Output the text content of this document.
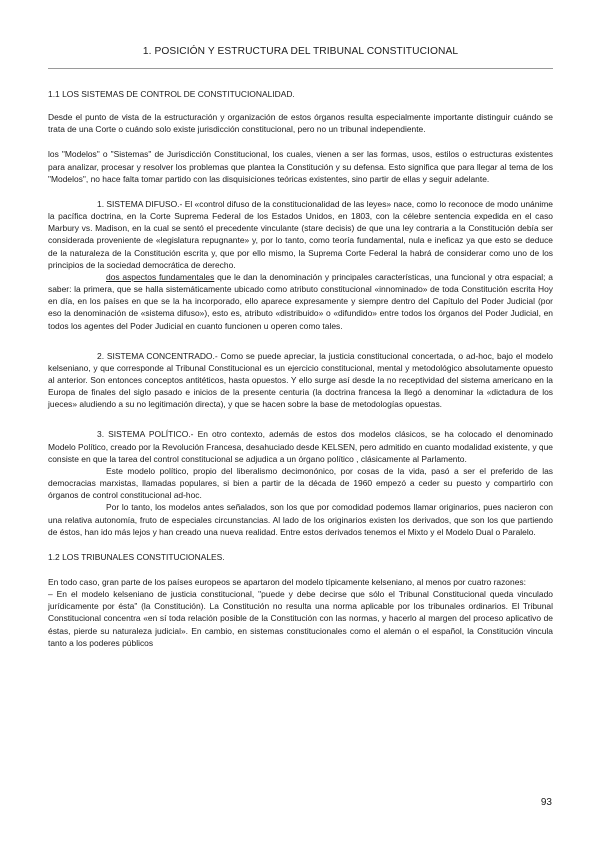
1. POSICIÓN Y ESTRUCTURA DEL TRIBUNAL CONSTITUCIONAL

1.1 LOS SISTEMAS DE CONTROL DE CONSTITUCIONALIDAD.

Desde el punto de vista de la estructuración y organización de estos órganos resulta especialmente importante distinguir cuándo se trata de una Corte o cuándo solo existe jurisdicción constitucional, pero no un tribunal independiente.

los "Modelos" o "Sistemas" de Jurisdicción Constitucional, los cuales, vienen a ser las formas, usos, estilos o estructuras existentes para analizar, procesar y resolver los problemas que plantea la Constitución y su defensa. Esto significa que para llegar al tema de los "Modelos", no hace falta tomar partido con las disquisiciones teóricas existentes, sino partir de ellas y seguir adelante.

1. SISTEMA DIFUSO.- El «control difuso de la constitucionalidad de las leyes» nace, como lo reconoce de modo unánime la pacífica doctrina, en la Corte Suprema Federal de los Estados Unidos, en 1803, con la célebre sentencia expedida en el caso Marbury vs. Madison, en la cual se sentó el precedente vinculante (stare decisis) de que una ley contraria a la Constitución debía ser considerada proveniente de «legislatura repugnante» y, por lo tanto, como teoría fundamental, nula e ineficaz ya que esto se deduce de la naturaleza de la Constitución escrita y, que por ello mismo, la Suprema Corte Federal la habrá de considerar como uno de los principios de la sociedad democrática de derecho.

dos aspectos fundamentales que le dan la denominación y principales características, una funcional y otra espacial; a saber: la primera, que se halla sistemáticamente ubicado como atributo constitucional «innominado» de toda Constitución escrita Hoy en día, en los países en que se la ha incorporado, ello aparece expresamente y siempre dentro del Capítulo del Poder Judicial (por eso la denominación de «sistema difuso»), esto es, atributo «distribuido» o «difundido» entre todos los órganos del Poder Judicial, en todos los agentes del Poder Judicial en cuanto funcionen u operen como tales.

2. SISTEMA CONCENTRADO.- Como se puede apreciar, la justicia constitucional concertada, o ad-hoc, bajo el modelo kelseniano, y que corresponde al Tribunal Constitucional es un ejercicio constitucional, mental y metodológico absolutamente opuesto al anterior. Son entonces conceptos antitéticos, hasta opuestos. Y ello surge así desde la no receptividad del sistema americano en la Europa de finales del siglo pasado e inicios de la presente centuria (la doctrina francesa la llegó a denominar la «dictadura de los jueces» aludiendo a su no legitimación directa), y que se hacen sobre la base de metodologías opuestas.

3. SISTEMA POLÍTICO.- En otro contexto, además de estos dos modelos clásicos, se ha colocado el denominado Modelo Político, creado por la Revolución Francesa, desahuciado desde KELSEN, pero admitido en cuanto modalidad existente, y que consiste en que la tarea del control constitucional se adjudica a un órgano político , clásicamente al Parlamento.

Este modelo político, propio del liberalismo decimonónico, por cosas de la vida, pasó a ser el preferido de las democracias marxistas, llamadas populares, si bien a partir de la década de 1960 empezó a ceder su puesto y compartirlo con órganos de control constitucional ad-hoc.

Por lo tanto, los modelos antes señalados, son los que por comodidad podemos llamar originarios, pues nacieron con una relativa autonomía, fruto de especiales circunstancias. Al lado de los originarios existen los derivados, que son los que partiendo de éstos, han ido más lejos y han creado una nueva realidad. Entre estos derivados tenemos el Mixto y el Modelo Dual o Paralelo.

1.2 LOS TRIBUNALES CONSTITUCIONALES.

En todo caso, gran parte de los países europeos se apartaron del modelo típicamente kelseniano, al menos por cuatro razones:

– En el modelo kelseniano de justicia constitucional, "puede y debe decirse que sólo el Tribunal Constitucional queda vinculado jurídicamente por ésta" (la Constitución). La Constitución no resulta una norma aplicable por los tribunales ordinarios. El Tribunal Constitucional concentra «en sí toda relación posible de la Constitución con las normas, y hacerlo al margen del proceso aplicativo de éstas, pierde su naturaleza judicial». En cambio, en sistemas constitucionales como el alemán o el español, la Constitución vincula tanto a los poderes públicos

93
